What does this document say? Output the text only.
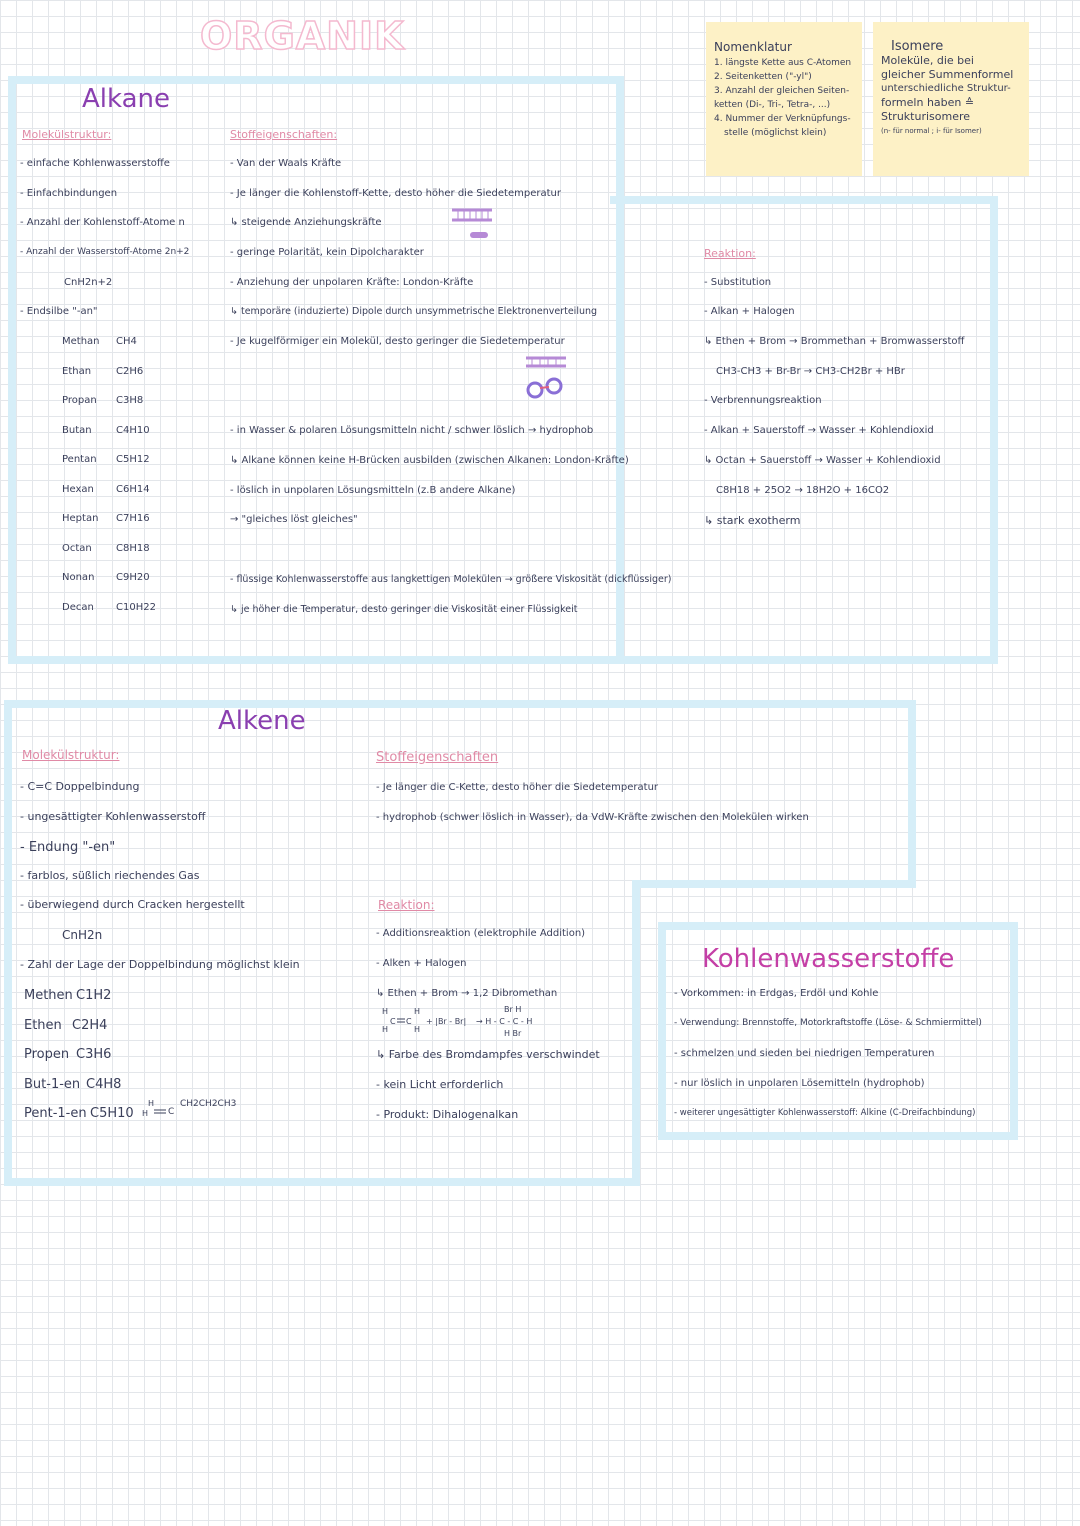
ORGANIK	Nomenklatur
1. längste Kette aus C-Atomen
2. Seitenketten ("-yl")
3. Anzahl der gleichen Seiten-
ketten (Di-, Tri-, Tetra-, ...)
4. Nummer der Verknüpfungs-
stelle (möglichst klein)
Isomere
Moleküle, die bei
gleicher Summenformel
unterschiedliche Struktur-
formeln haben ≙
Strukturisomere
(n- für normal ; i- für Isomer)
Alkane
Molekülstruktur:
- einfache Kohlenwasserstoffe
- Einfachbindungen
- Anzahl der Kohlenstoff-Atome n
- Anzahl der Wasserstoff-Atome 2n+2
CnH2n+2
- Endsilbe "-an"
Methan CH4
Ethan C2H6
Propan C3H8
Butan C4H10
Pentan C5H12
Hexan C6H14
Heptan C7H16
Octan C8H18
Nonan C9H20
Decan C10H22
Stoffeigenschaften:
- Van der Waals Kräfte
- Je länger die Kohlenstoff-Kette, desto höher die Siedetemperatur
↳ steigende Anziehungskräfte
- geringe Polarität, kein Dipolcharakter
- Anziehung der unpolaren Kräfte: London-Kräfte
↳ temporäre (induzierte) Dipole durch unsymmetrische Elektronenverteilung
- Je kugelförmiger ein Molekül, desto geringer die Siedetemperatur
- in Wasser & polaren Lösungsmitteln nicht / schwer löslich → hydrophob
↳ Alkane können keine H-Brücken ausbilden (zwischen Alkanen: London-Kräfte)
- löslich in unpolaren Lösungsmitteln (z.B andere Alkane)
→ "gleiches löst gleiches"
- flüssige Kohlenwasserstoffe aus langkettigen Molekülen → größere Viskosität (dickflüssiger)
↳ je höher die Temperatur, desto geringer die Viskosität einer Flüssigkeit
Reaktion:
- Substitution
- Alkan + Halogen
↳ Ethen + Brom → Brommethan + Bromwasserstoff
CH3-CH3 + Br-Br → CH3-CH2Br + HBr
- Verbrennungsreaktion
- Alkan + Sauerstoff → Wasser + Kohlendioxid
↳ Octan + Sauerstoff → Wasser + Kohlendioxid
C8H18 + 25O2 → 18H2O + 16CO2
↳ stark exotherm
Alkene
Molekülstruktur:
- C=C Doppelbindung
- ungesättigter Kohlenwasserstoff
- Endung "-en"
- farblos, süßlich riechendes Gas
- überwiegend durch Cracken hergestellt
CnH2n
- Zahl der Lage der Doppelbindung möglichst klein
Methen C1H2
Ethen C2H4
Propen C3H6
But-1-en C4H8
Pent-1-en C5H10 H
H
C
CH2CH2CH3
Stoffeigenschaften
- Je länger die C-Kette, desto höher die Siedetemperatur
- hydrophob (schwer löslich in Wasser), da VdW-Kräfte zwischen den Molekülen wirken
Reaktion:
- Additionsreaktion (elektrophile Addition)
- Alken + Halogen
↳ Ethen + Brom → 1,2 Dibromethan
H
H
C C
H
H
+ |Br - Br| → H - C - C - H
Br H
H Br
↳ Farbe des Bromdampfes verschwindet
- kein Licht erforderlich
- Produkt: Dihalogenalkan
Kohlenwasserstoffe
- Vorkommen: in Erdgas, Erdöl und Kohle
- Verwendung: Brennstoffe, Motorkraftstoffe (Löse- & Schmiermittel)
- schmelzen und sieden bei niedrigen Temperaturen
- nur löslich in unpolaren Lösemitteln (hydrophob)
- weiterer ungesättigter Kohlenwasserstoff: Alkine (C-Dreifachbindung)
